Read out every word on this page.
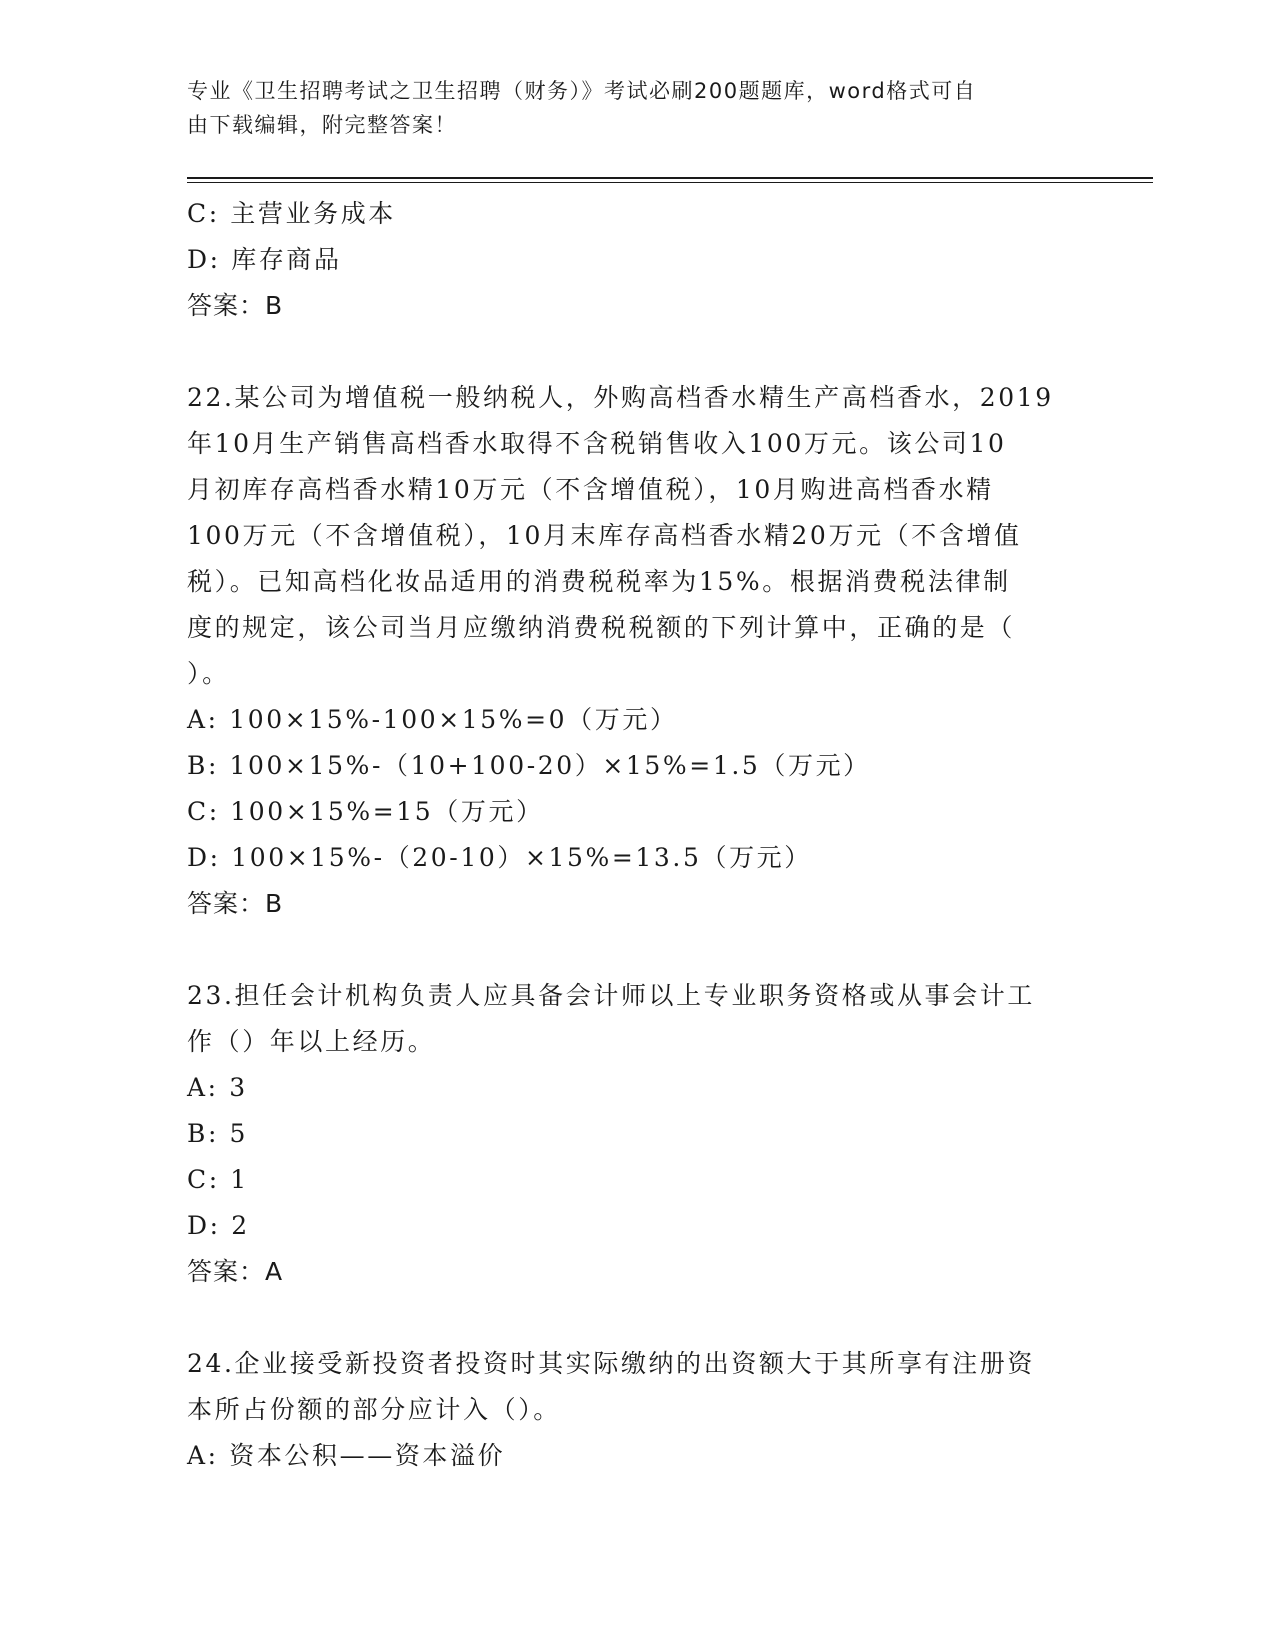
专业《卫生招聘考试之卫生招聘（财务）》考试必刷200题题库，word格式可自
由下载编辑，附完整答案！
C: 主营业务成本
D: 库存商品
答案：B
22.某公司为增值税一般纳税人，外购高档香水精生产高档香水，2019
年10月生产销售高档香水取得不含税销售收入100万元。该公司10
月初库存高档香水精10万元（不含增值税），10月购进高档香水精
100万元（不含增值税），10月末库存高档香水精20万元（不含增值
税）。已知高档化妆品适用的消费税税率为15%。根据消费税法律制
度的规定，该公司当月应缴纳消费税税额的下列计算中，正确的是（
）。
A: 100×15%-100×15%=0（万元）
B: 100×15%-（10+100-20）×15%=1.5（万元）
C: 100×15%=15（万元）
D: 100×15%-（20-10）×15%=13.5（万元）
答案：B
23.担任会计机构负责人应具备会计师以上专业职务资格或从事会计工
作（）年以上经历。
A: 3
B: 5
C: 1
D: 2
答案：A
24.企业接受新投资者投资时其实际缴纳的出资额大于其所享有注册资
本所占份额的部分应计入（）。
A: 资本公积——资本溢价
